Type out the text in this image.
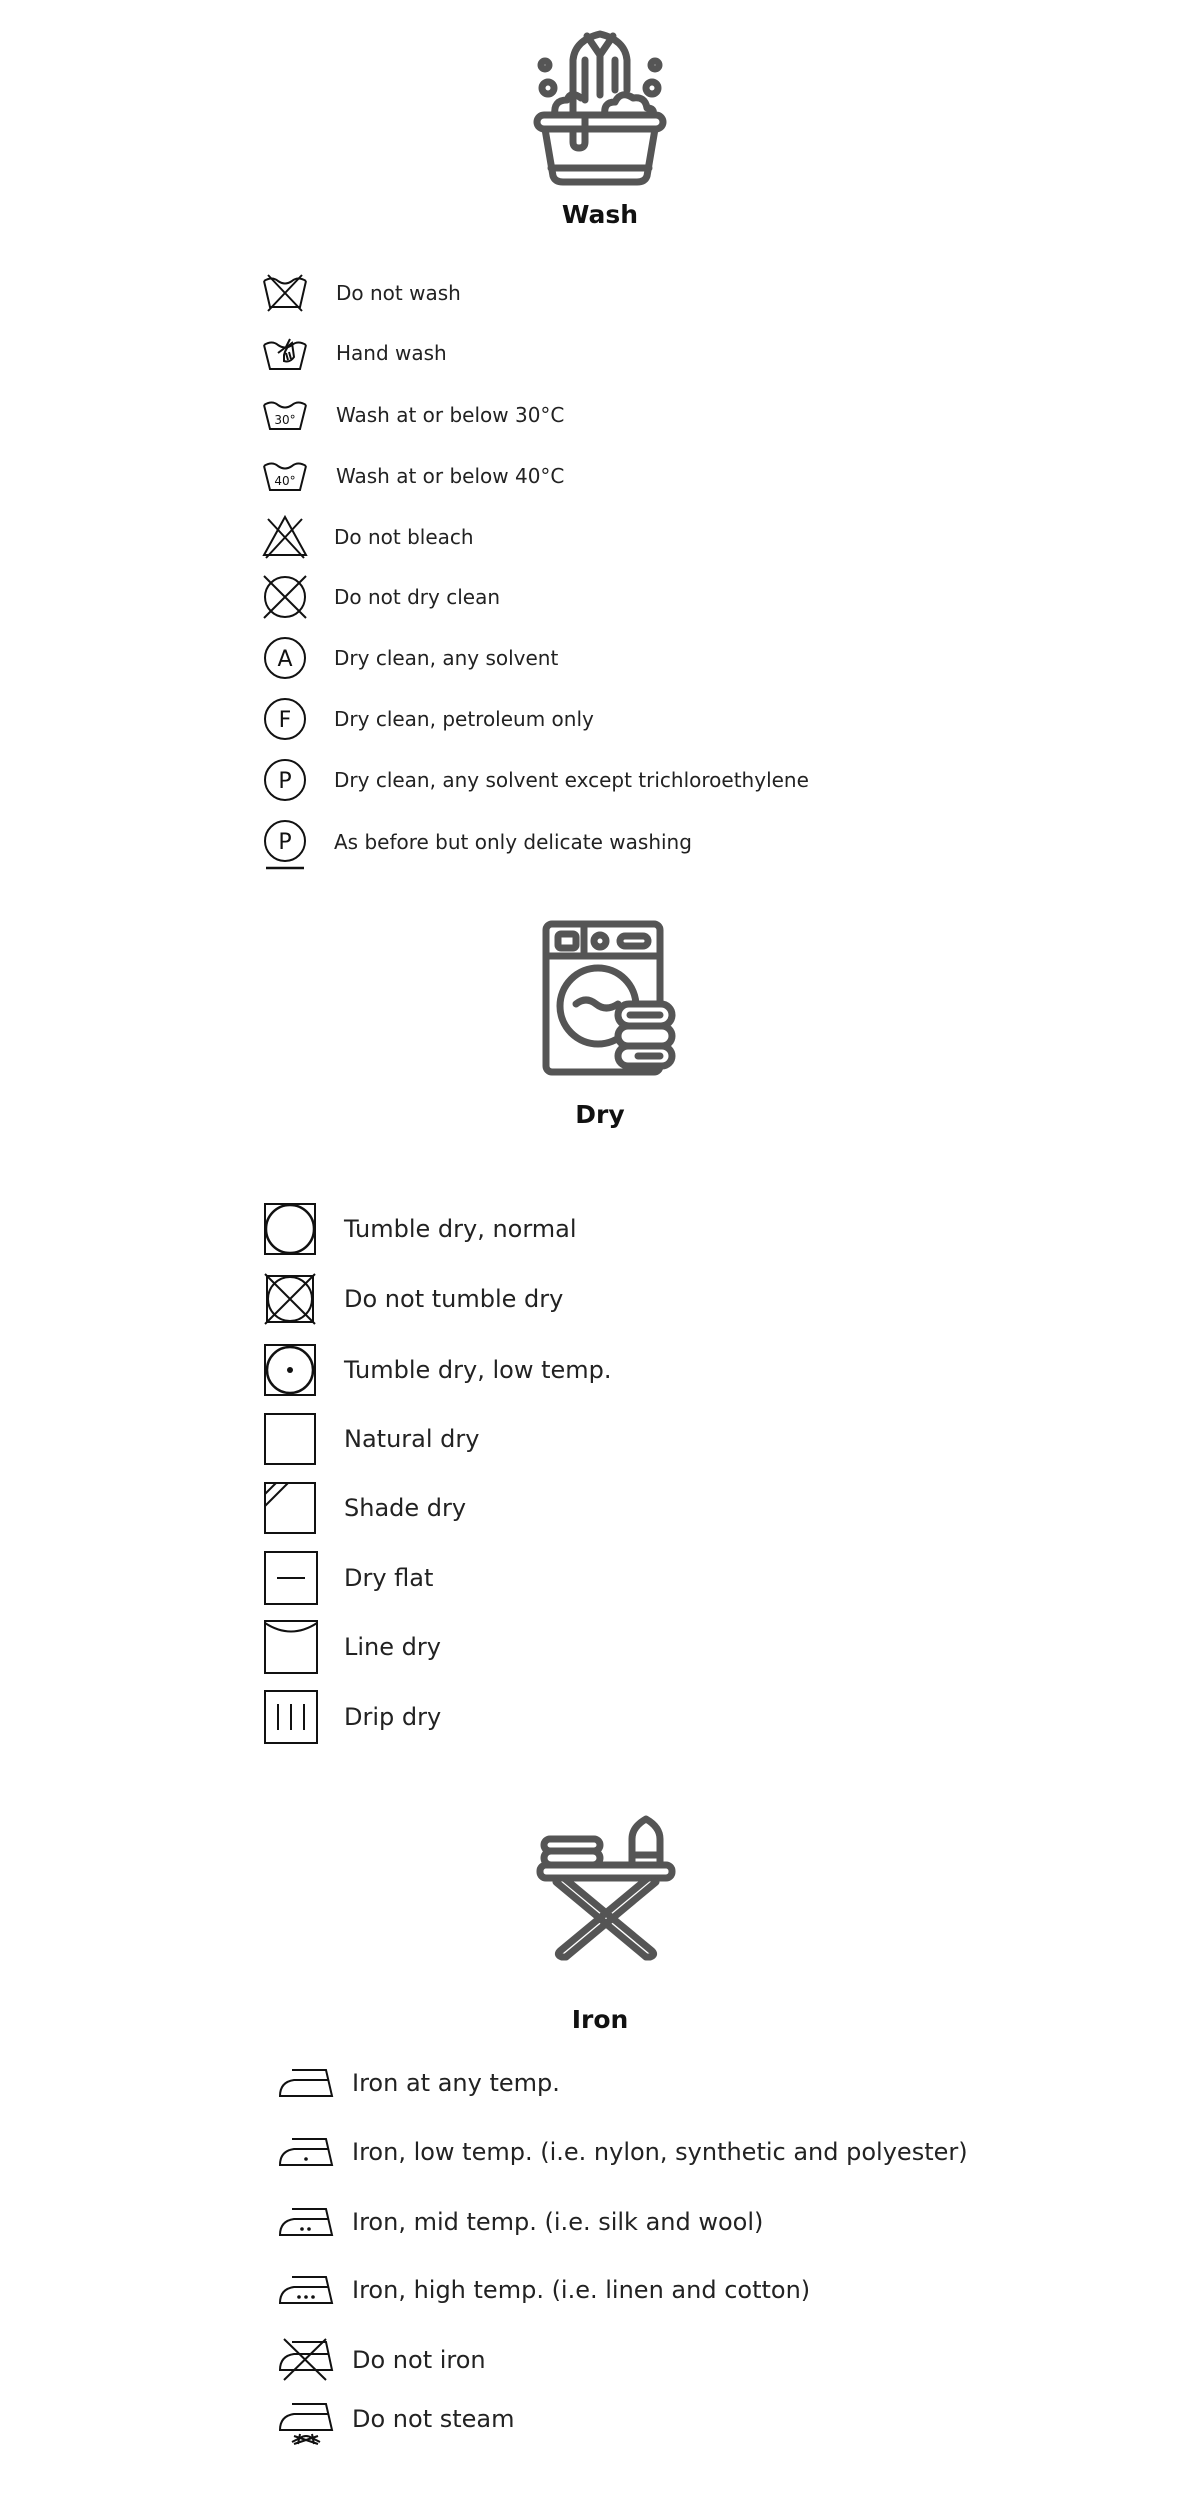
Wash
Do not wash
Hand wash
30° Wash at or below 30°C
40° Wash at or below 40°C
Do not bleach
Do not dry clean
A Dry clean, any solvent
F Dry clean, petroleum only
P Dry clean, any solvent except trichloroethylene
P As before but only delicate washing
Dry
Tumble dry, normal
Do not tumble dry
Tumble dry, low temp.
Natural dry
Shade dry
Dry flat
Line dry
Drip dry
Iron
Iron at any temp.
Iron, low temp. (i.e. nylon, synthetic and polyester)
Iron, mid temp. (i.e. silk and wool)
Iron, high temp. (i.e. linen and cotton)
Do not iron
Do not steam
